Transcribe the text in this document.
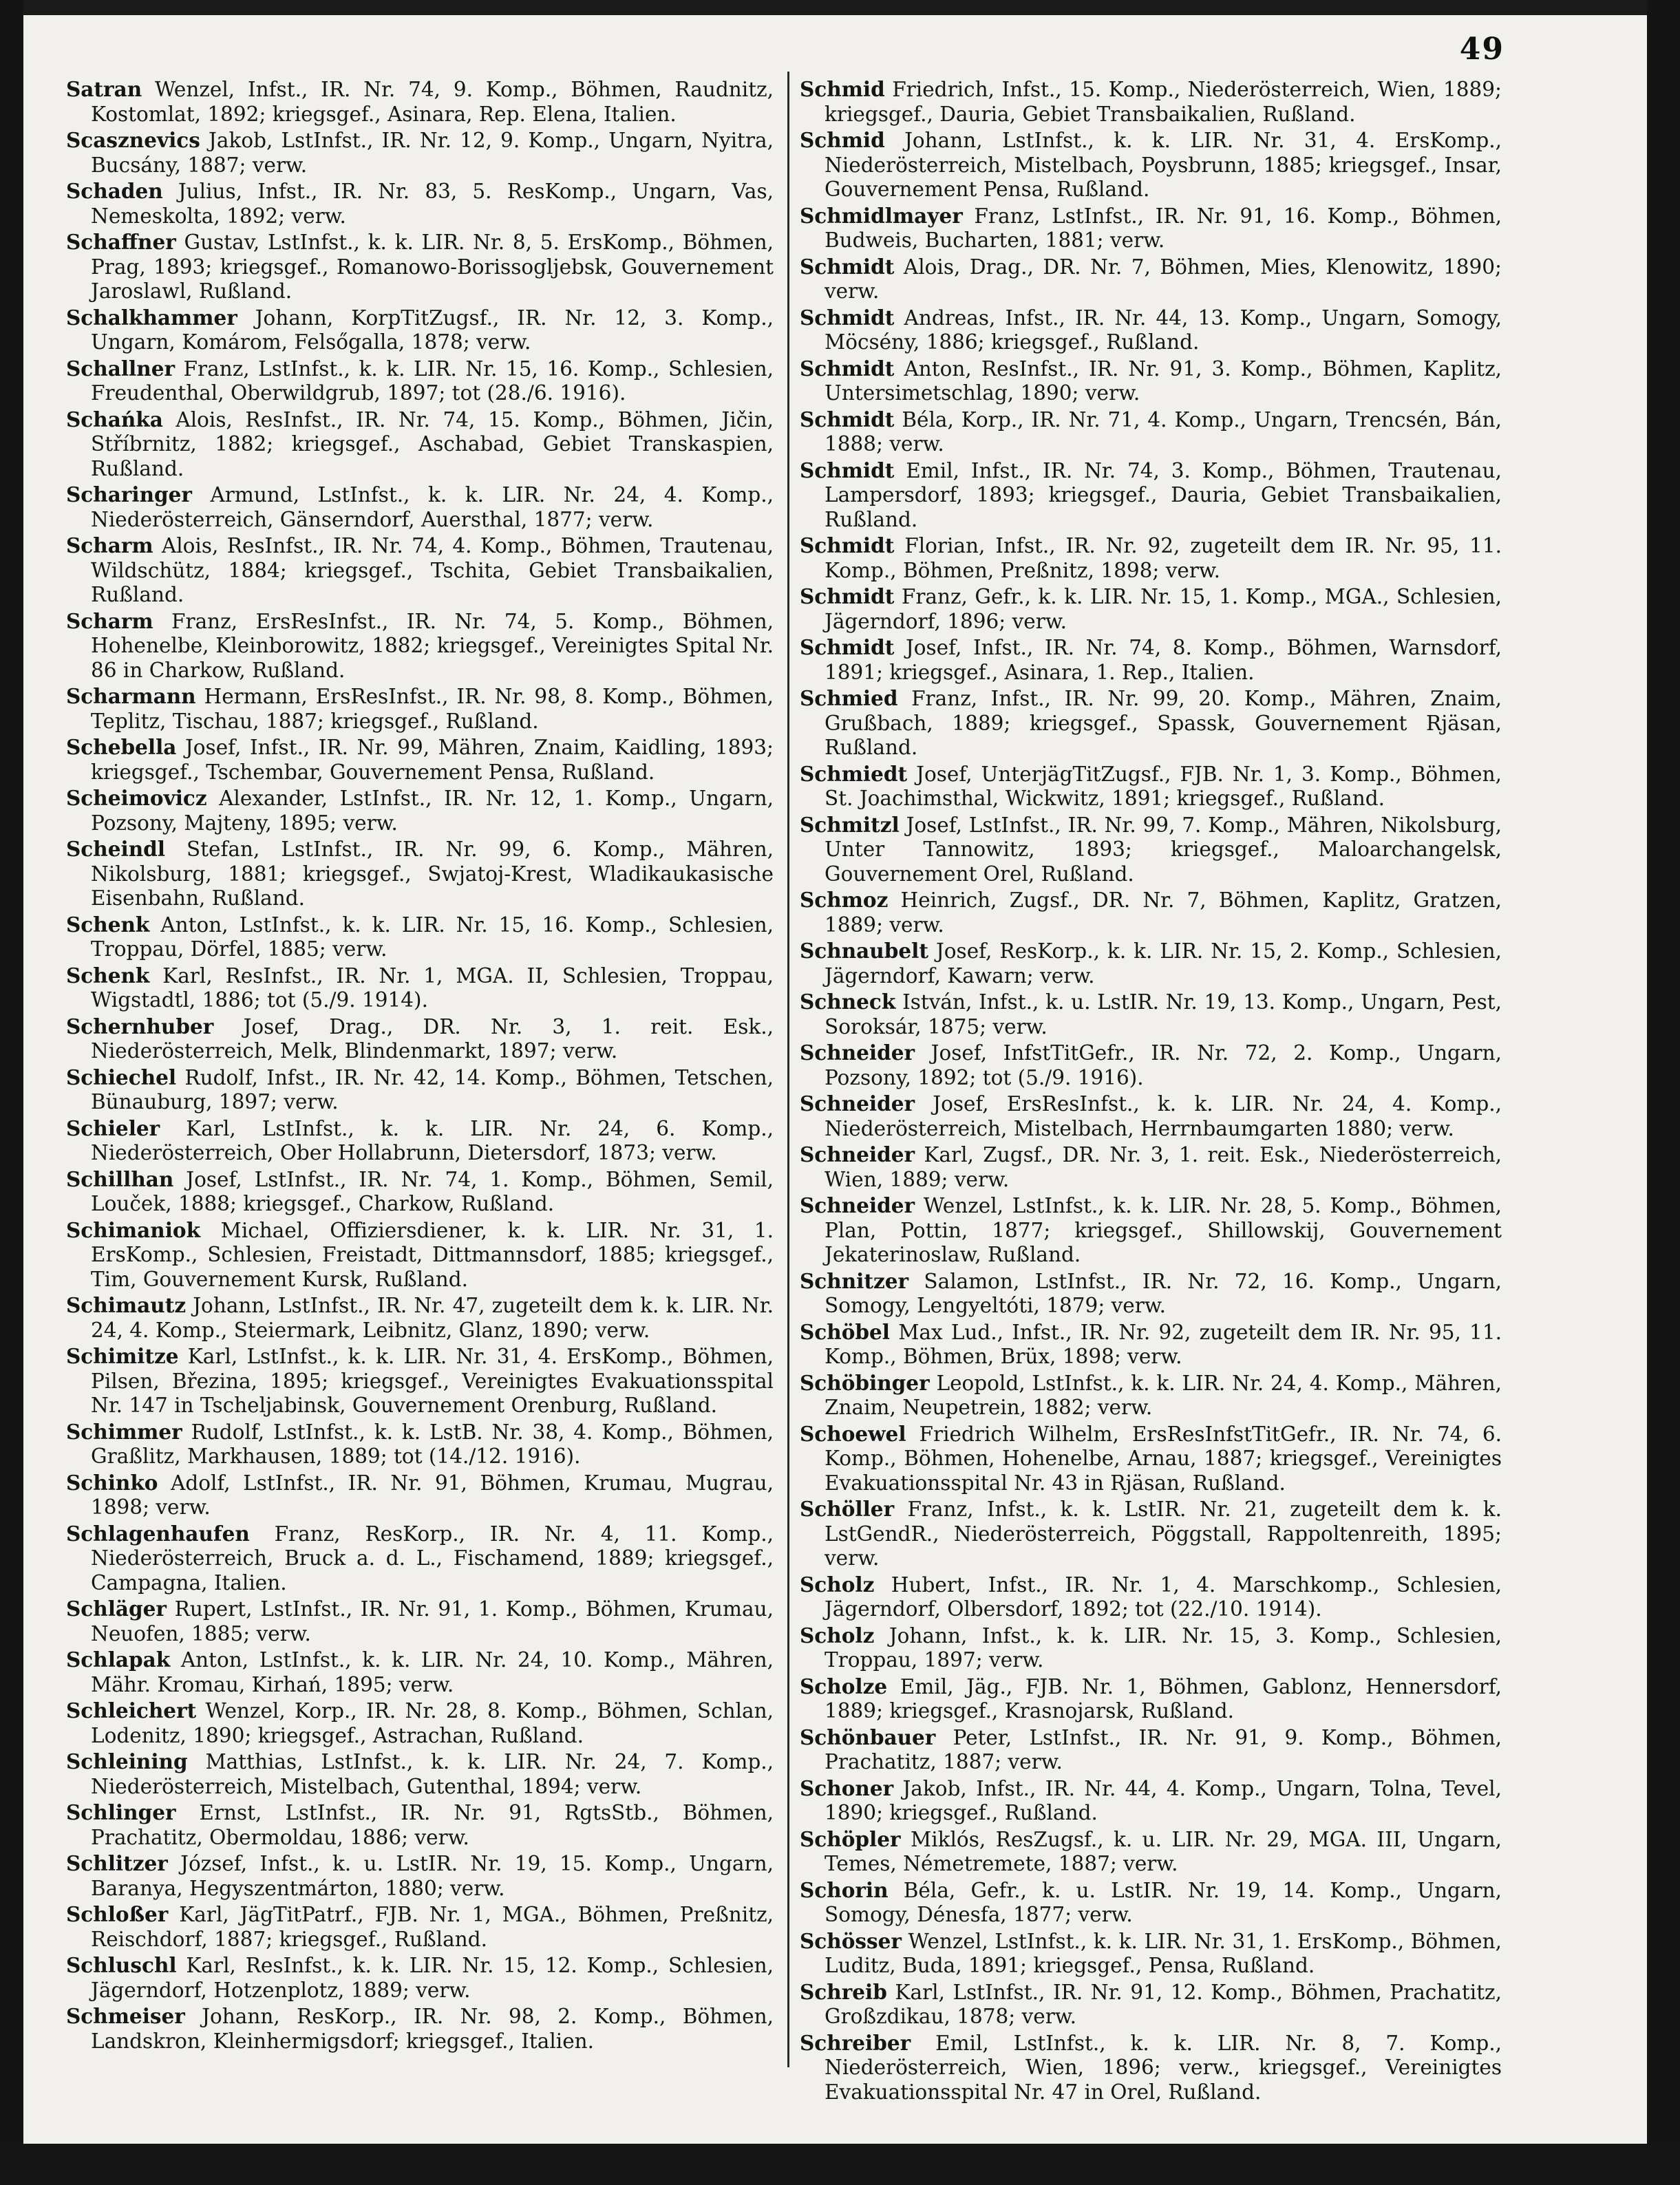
49
Satran Wenzel, Infst., IR. Nr. 74, 9. Komp., Böhmen, Raudnitz, Kostomlat, 1892; kriegsgef., Asinara, Rep. Elena, Italien.
Scasznevics Jakob, LstInfst., IR. Nr. 12, 9. Komp., Ungarn, Nyitra, Bucsány, 1887; verw.
Schaden Julius, Infst., IR. Nr. 83, 5. ResKomp., Ungarn, Vas, Nemeskolta, 1892; verw.
Schaffner Gustav, LstInfst., k. k. LIR. Nr. 8, 5. ErsKomp., Böhmen, Prag, 1893; kriegsgef., Romanowo-Borissogljebsk, Gouvernement Jaroslawl, Rußland.
Schalkhammer Johann, KorpTitZugsf., IR. Nr. 12, 3. Komp., Ungarn, Komárom, Felsőgalla, 1878; verw.
Schallner Franz, LstInfst., k. k. LIR. Nr. 15, 16. Komp., Schlesien, Freudenthal, Oberwildgrub, 1897; tot (28./6. 1916).
Schańka Alois, ResInfst., IR. Nr. 74, 15. Komp., Böhmen, Jičin, Stříbrnitz, 1882; kriegsgef., Aschabad, Gebiet Transkaspien, Rußland.
Scharinger Armund, LstInfst., k. k. LIR. Nr. 24, 4. Komp., Niederösterreich, Gänserndorf, Auersthal, 1877; verw.
Scharm Alois, ResInfst., IR. Nr. 74, 4. Komp., Böhmen, Trautenau, Wildschütz, 1884; kriegsgef., Tschita, Gebiet Transbaikalien, Rußland.
Scharm Franz, ErsResInfst., IR. Nr. 74, 5. Komp., Böhmen, Hohenelbe, Kleinborowitz, 1882; kriegsgef., Vereinigtes Spital Nr. 86 in Charkow, Rußland.
Scharmann Hermann, ErsResInfst., IR. Nr. 98, 8. Komp., Böhmen, Teplitz, Tischau, 1887; kriegsgef., Rußland.
Schebella Josef, Infst., IR. Nr. 99, Mähren, Znaim, Kaidling, 1893; kriegsgef., Tschembar, Gouvernement Pensa, Rußland.
Scheimovicz Alexander, LstInfst., IR. Nr. 12, 1. Komp., Ungarn, Pozsony, Majteny, 1895; verw.
Scheindl Stefan, LstInfst., IR. Nr. 99, 6. Komp., Mähren, Nikolsburg, 1881; kriegsgef., Swjatoj-Krest, Wladikaukasische Eisenbahn, Rußland.
Schenk Anton, LstInfst., k. k. LIR. Nr. 15, 16. Komp., Schlesien, Troppau, Dörfel, 1885; verw.
Schenk Karl, ResInfst., IR. Nr. 1, MGA. II, Schlesien, Troppau, Wigstadtl, 1886; tot (5./9. 1914).
Schernhuber Josef, Drag., DR. Nr. 3, 1. reit. Esk., Niederösterreich, Melk, Blindenmarkt, 1897; verw.
Schiechel Rudolf, Infst., IR. Nr. 42, 14. Komp., Böhmen, Tetschen, Bünauburg, 1897; verw.
Schieler Karl, LstInfst., k. k. LIR. Nr. 24, 6. Komp., Niederösterreich, Ober Hollabrunn, Dietersdorf, 1873; verw.
Schillhan Josef, LstInfst., IR. Nr. 74, 1. Komp., Böhmen, Semil, Louček, 1888; kriegsgef., Charkow, Rußland.
Schimaniok Michael, Offiziersdiener, k. k. LIR. Nr. 31, 1. ErsKomp., Schlesien, Freistadt, Dittmannsdorf, 1885; kriegsgef., Tim, Gouvernement Kursk, Rußland.
Schimautz Johann, LstInfst., IR. Nr. 47, zugeteilt dem k. k. LIR. Nr. 24, 4. Komp., Steiermark, Leibnitz, Glanz, 1890; verw.
Schimitze Karl, LstInfst., k. k. LIR. Nr. 31, 4. ErsKomp., Böhmen, Pilsen, Březina, 1895; kriegsgef., Vereinigtes Evakuationsspital Nr. 147 in Tscheljabinsk, Gouvernement Orenburg, Rußland.
Schimmer Rudolf, LstInfst., k. k. LstB. Nr. 38, 4. Komp., Böhmen, Graßlitz, Markhausen, 1889; tot (14./12. 1916).
Schinko Adolf, LstInfst., IR. Nr. 91, Böhmen, Krumau, Mugrau, 1898; verw.
Schlagenhaufen Franz, ResKorp., IR. Nr. 4, 11. Komp., Niederösterreich, Bruck a. d. L., Fischamend, 1889; kriegsgef., Campagna, Italien.
Schläger Rupert, LstInfst., IR. Nr. 91, 1. Komp., Böhmen, Krumau, Neuofen, 1885; verw.
Schlapak Anton, LstInfst., k. k. LIR. Nr. 24, 10. Komp., Mähren, Mähr. Kromau, Kirhań, 1895; verw.
Schleichert Wenzel, Korp., IR. Nr. 28, 8. Komp., Böhmen, Schlan, Lodenitz, 1890; kriegsgef., Astrachan, Rußland.
Schleining Matthias, LstInfst., k. k. LIR. Nr. 24, 7. Komp., Niederösterreich, Mistelbach, Gutenthal, 1894; verw.
Schlinger Ernst, LstInfst., IR. Nr. 91, RgtsStb., Böhmen, Prachatitz, Obermoldau, 1886; verw.
Schlitzer József, Infst., k. u. LstIR. Nr. 19, 15. Komp., Ungarn, Baranya, Hegyszentmárton, 1880; verw.
Schloßer Karl, JägTitPatrf., FJB. Nr. 1, MGA., Böhmen, Preßnitz, Reischdorf, 1887; kriegsgef., Rußland.
Schluschl Karl, ResInfst., k. k. LIR. Nr. 15, 12. Komp., Schlesien, Jägerndorf, Hotzenplotz, 1889; verw.
Schmeiser Johann, ResKorp., IR. Nr. 98, 2. Komp., Böhmen, Landskron, Kleinhermigsdorf; kriegsgef., Italien.
Schmid Friedrich, Infst., 15. Komp., Niederösterreich, Wien, 1889; kriegsgef., Dauria, Gebiet Transbaikalien, Rußland.
Schmid Johann, LstInfst., k. k. LIR. Nr. 31, 4. ErsKomp., Niederösterreich, Mistelbach, Poysbrunn, 1885; kriegsgef., Insar, Gouvernement Pensa, Rußland.
Schmidlmayer Franz, LstInfst., IR. Nr. 91, 16. Komp., Böhmen, Budweis, Bucharten, 1881; verw.
Schmidt Alois, Drag., DR. Nr. 7, Böhmen, Mies, Klenowitz, 1890; verw.
Schmidt Andreas, Infst., IR. Nr. 44, 13. Komp., Ungarn, Somogy, Möcsény, 1886; kriegsgef., Rußland.
Schmidt Anton, ResInfst., IR. Nr. 91, 3. Komp., Böhmen, Kaplitz, Untersimetschlag, 1890; verw.
Schmidt Béla, Korp., IR. Nr. 71, 4. Komp., Ungarn, Trencsén, Bán, 1888; verw.
Schmidt Emil, Infst., IR. Nr. 74, 3. Komp., Böhmen, Trautenau, Lampersdorf, 1893; kriegsgef., Dauria, Gebiet Transbaikalien, Rußland.
Schmidt Florian, Infst., IR. Nr. 92, zugeteilt dem IR. Nr. 95, 11. Komp., Böhmen, Preßnitz, 1898; verw.
Schmidt Franz, Gefr., k. k. LIR. Nr. 15, 1. Komp., MGA., Schlesien, Jägerndorf, 1896; verw.
Schmidt Josef, Infst., IR. Nr. 74, 8. Komp., Böhmen, Warnsdorf, 1891; kriegsgef., Asinara, 1. Rep., Italien.
Schmied Franz, Infst., IR. Nr. 99, 20. Komp., Mähren, Znaim, Grußbach, 1889; kriegsgef., Spassk, Gouvernement Rjäsan, Rußland.
Schmiedt Josef, UnterjägTitZugsf., FJB. Nr. 1, 3. Komp., Böhmen, St. Joachimsthal, Wickwitz, 1891; kriegsgef., Rußland.
Schmitzl Josef, LstInfst., IR. Nr. 99, 7. Komp., Mähren, Nikolsburg, Unter Tannowitz, 1893; kriegsgef., Maloarchangelsk, Gouvernement Orel, Rußland.
Schmoz Heinrich, Zugsf., DR. Nr. 7, Böhmen, Kaplitz, Gratzen, 1889; verw.
Schnaubelt Josef, ResKorp., k. k. LIR. Nr. 15, 2. Komp., Schlesien, Jägerndorf, Kawarn; verw.
Schneck István, Infst., k. u. LstIR. Nr. 19, 13. Komp., Ungarn, Pest, Soroksár, 1875; verw.
Schneider Josef, InfstTitGefr., IR. Nr. 72, 2. Komp., Ungarn, Pozsony, 1892; tot (5./9. 1916).
Schneider Josef, ErsResInfst., k. k. LIR. Nr. 24, 4. Komp., Niederösterreich, Mistelbach, Herrnbaumgarten 1880; verw.
Schneider Karl, Zugsf., DR. Nr. 3, 1. reit. Esk., Niederösterreich, Wien, 1889; verw.
Schneider Wenzel, LstInfst., k. k. LIR. Nr. 28, 5. Komp., Böhmen, Plan, Pottin, 1877; kriegsgef., Shillowskij, Gouvernement Jekaterinoslaw, Rußland.
Schnitzer Salamon, LstInfst., IR. Nr. 72, 16. Komp., Ungarn, Somogy, Lengyeltóti, 1879; verw.
Schöbel Max Lud., Infst., IR. Nr. 92, zugeteilt dem IR. Nr. 95, 11. Komp., Böhmen, Brüx, 1898; verw.
Schöbinger Leopold, LstInfst., k. k. LIR. Nr. 24, 4. Komp., Mähren, Znaim, Neupetrein, 1882; verw.
Schoewel Friedrich Wilhelm, ErsResInfstTitGefr., IR. Nr. 74, 6. Komp., Böhmen, Hohenelbe, Arnau, 1887; kriegsgef., Vereinigtes Evakuationsspital Nr. 43 in Rjäsan, Rußland.
Schöller Franz, Infst., k. k. LstIR. Nr. 21, zugeteilt dem k. k. LstGendR., Niederösterreich, Pöggstall, Rappoltenreith, 1895; verw.
Scholz Hubert, Infst., IR. Nr. 1, 4. Marschkomp., Schlesien, Jägerndorf, Olbersdorf, 1892; tot (22./10. 1914).
Scholz Johann, Infst., k. k. LIR. Nr. 15, 3. Komp., Schlesien, Troppau, 1897; verw.
Scholze Emil, Jäg., FJB. Nr. 1, Böhmen, Gablonz, Hennersdorf, 1889; kriegsgef., Krasnojarsk, Rußland.
Schönbauer Peter, LstInfst., IR. Nr. 91, 9. Komp., Böhmen, Prachatitz, 1887; verw.
Schoner Jakob, Infst., IR. Nr. 44, 4. Komp., Ungarn, Tolna, Tevel, 1890; kriegsgef., Rußland.
Schöpler Miklós, ResZugsf., k. u. LIR. Nr. 29, MGA. III, Ungarn, Temes, Németremete, 1887; verw.
Schorin Béla, Gefr., k. u. LstIR. Nr. 19, 14. Komp., Ungarn, Somogy, Dénesfa, 1877; verw.
Schösser Wenzel, LstInfst., k. k. LIR. Nr. 31, 1. ErsKomp., Böhmen, Luditz, Buda, 1891; kriegsgef., Pensa, Rußland.
Schreib Karl, LstInfst., IR. Nr. 91, 12. Komp., Böhmen, Prachatitz, Großzdikau, 1878; verw.
Schreiber Emil, LstInfst., k. k. LIR. Nr. 8, 7. Komp., Niederösterreich, Wien, 1896; verw., kriegsgef., Vereinigtes Evakuationsspital Nr. 47 in Orel, Rußland.
